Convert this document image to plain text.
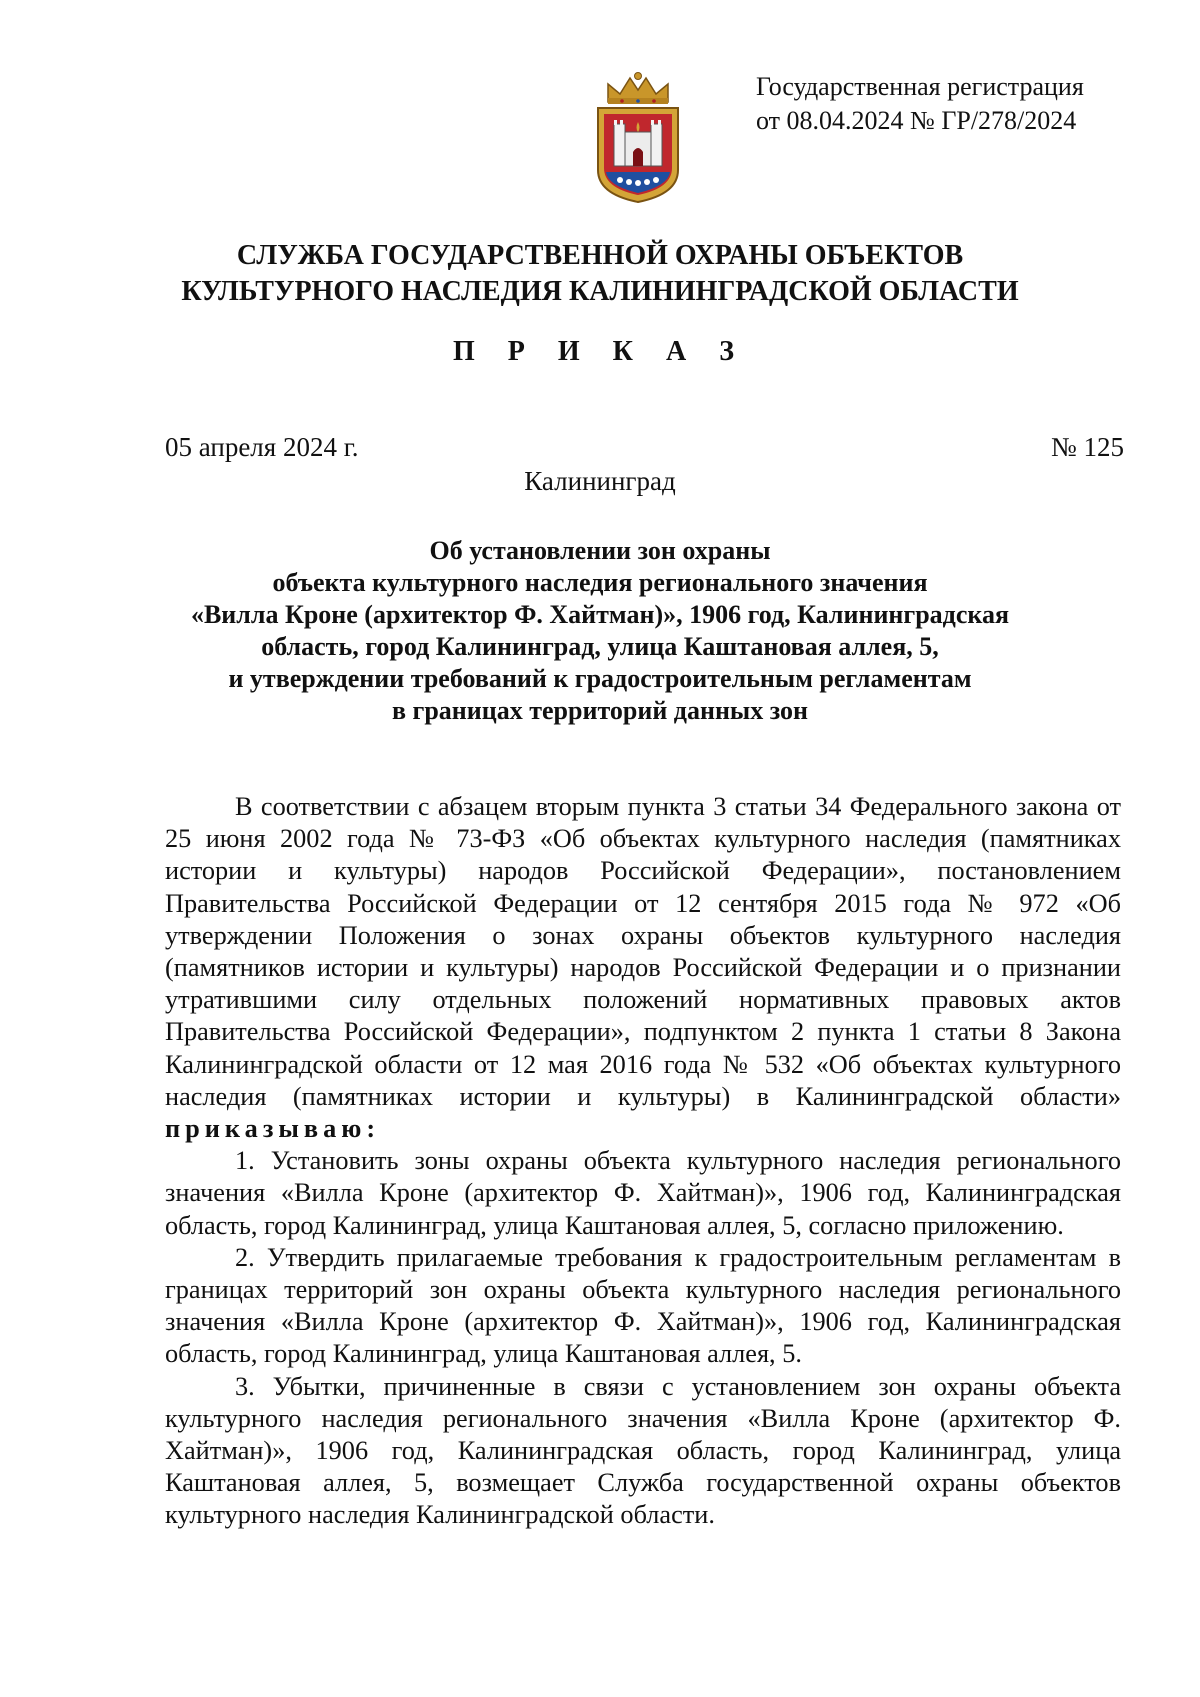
Государственная регистрация
от 08.04.2024 № ГР/278/2024
СЛУЖБА ГОСУДАРСТВЕННОЙ ОХРАНЫ ОБЪЕКТОВ
КУЛЬТУРНОГО НАСЛЕДИЯ КАЛИНИНГРАДСКОЙ ОБЛАСТИ
П Р И К А З
05 апреля 2024 г.	№ 125
Калининград
Об установлении зон охраны
объекта культурного наследия регионального значения
«Вилла Кроне (архитектор Ф. Хайтман)», 1906 год, Калининградская
область, город Калининград, улица Каштановая аллея, 5,
и утверждении требований к градостроительным регламентам
в границах территорий данных зон

В соответствии с абзацем вторым пункта 3 статьи 34 Федерального закона от 25 июня 2002 года № 73-ФЗ «Об объектах культурного наследия (памятниках истории и культуры) народов Российской Федерации», постановлением Правительства Российской Федерации от 12 сентября 2015 года № 972 «Об утверждении Положения о зонах охраны объектов культурного наследия (памятников истории и культуры) народов Российской Федерации и о признании утратившими силу отдельных положений нормативных правовых актов Правительства Российской Федерации», подпунктом 2 пункта 1 статьи 8 Закона Калининградской области от 12 мая 2016 года № 532 «Об объектах культурного наследия (памятниках истории и культуры) в Калининградской области» приказываю:

1. Установить зоны охраны объекта культурного наследия регионального значения «Вилла Кроне (архитектор Ф. Хайтман)», 1906 год, Калининградская область, город Калининград, улица Каштановая аллея, 5, согласно приложению.

2. Утвердить прилагаемые требования к градостроительным регламентам в границах территорий зон охраны объекта культурного наследия регионального значения «Вилла Кроне (архитектор Ф. Хайтман)», 1906 год, Калининградская область, город Калининград, улица Каштановая аллея, 5.

3. Убытки, причиненные в связи с установлением зон охраны объекта культурного наследия регионального значения «Вилла Кроне (архитектор Ф. Хайтман)», 1906 год, Калининградская область, город Калининград, улица Каштановая аллея, 5, возмещает Служба государственной охраны объектов культурного наследия Калининградской области.
